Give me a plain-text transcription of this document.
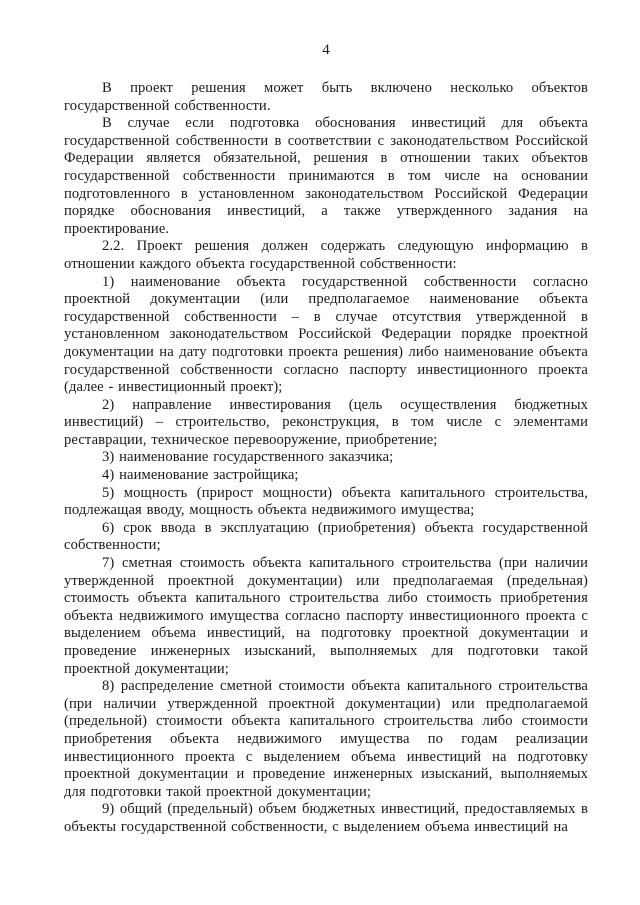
4

В проект решения может быть включено несколько объектов государственной собственности.

В случае если подготовка обоснования инвестиций для объекта государственной собственности в соответствии с законодательством Российской Федерации является обязательной, решения в отношении таких объектов государственной собственности принимаются в том числе на основании подготовленного в установленном законодательством Российской Федерации порядке обоснования инвестиций, а также утвержденного задания на проектирование.

2.2. Проект решения должен содержать следующую информацию в отношении каждого объекта государственной собственности:

1) наименование объекта государственной собственности согласно проектной документации (или предполагаемое наименование объекта государственной собственности – в случае отсутствия утвержденной в установленном законодательством Российской Федерации порядке проектной документации на дату подготовки проекта решения) либо наименование объекта государственной собственности согласно паспорту инвестиционного проекта (далее - инвестиционный проект);

2) направление инвестирования (цель осуществления бюджетных инвестиций) – строительство, реконструкция, в том числе с элементами реставрации, техническое перевооружение, приобретение;

3) наименование государственного заказчика;

4) наименование застройщика;

5) мощность (прирост мощности) объекта капитального строительства, подлежащая вводу, мощность объекта недвижимого имущества;

6) срок ввода в эксплуатацию (приобретения) объекта государственной собственности;

7) сметная стоимость объекта капитального строительства (при наличии утвержденной проектной документации) или предполагаемая (предельная) стоимость объекта капитального строительства либо стоимость приобретения объекта недвижимого имущества согласно паспорту инвестиционного проекта с выделением объема инвестиций, на подготовку проектной документации и проведение инженерных изысканий, выполняемых для подготовки такой проектной документации;

8) распределение сметной стоимости объекта капитального строительства (при наличии утвержденной проектной документации) или предполагаемой (предельной) стоимости объекта капитального строительства либо стоимости приобретения объекта недвижимого имущества по годам реализации инвестиционного проекта с выделением объема инвестиций на подготовку проектной документации и проведение инженерных изысканий, выполняемых для подготовки такой проектной документации;

9) общий (предельный) объем бюджетных инвестиций, предоставляемых в объекты государственной собственности, с выделением объема инвестиций на
